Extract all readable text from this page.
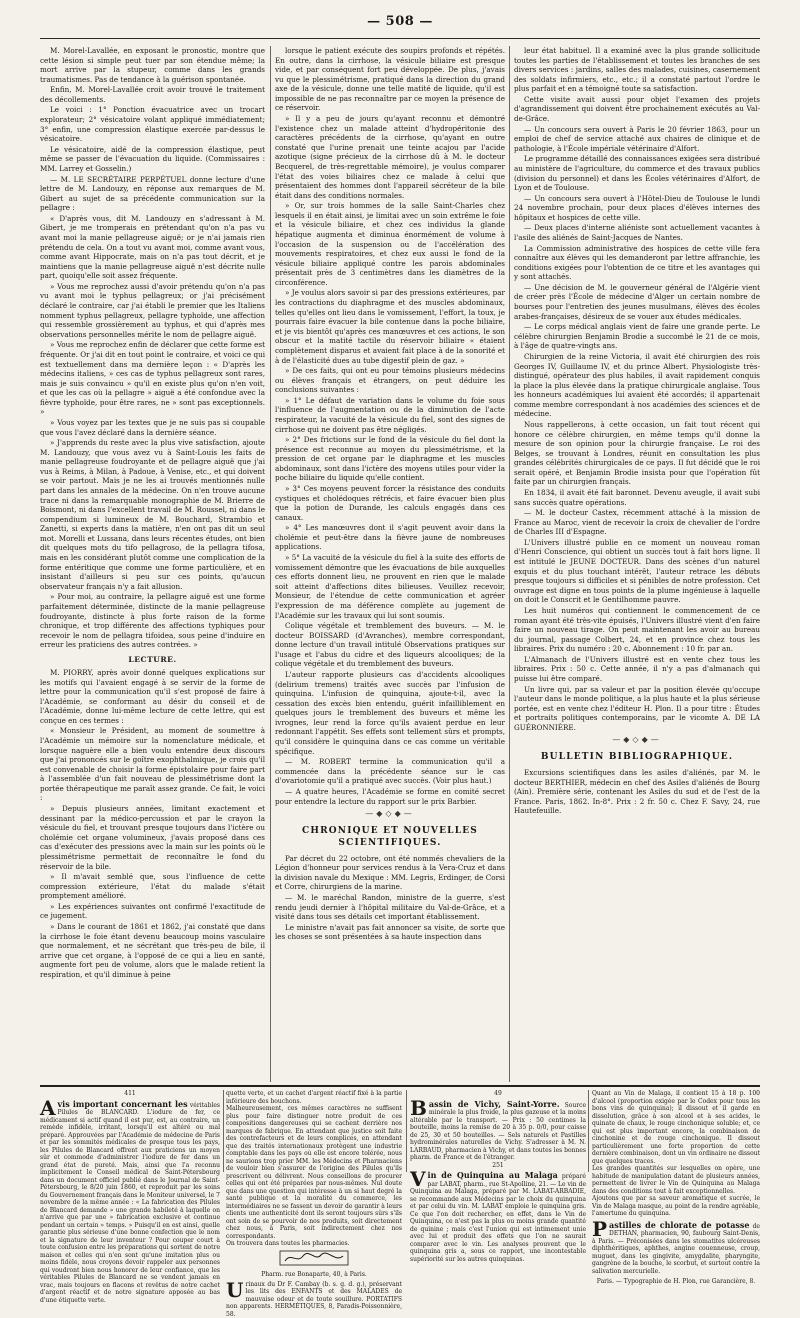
— 508 —

M. Morel-Lavallée, en exposant le pronostic, montre que cette lésion si simple peut tuer par son étendue même; la mort arrive par la stupeur, comme dans les grands traumatismes. Pas de tendance à la guérison spontanée.

Enfin, M. Morel-Lavallée croit avoir trouvé le traitement des décollements.

Le voici : 1° Ponction évacuatrice avec un trocart explorateur; 2° vésicatoire volant appliqué immédiatement; 3° enfin, une compression élastique exercée par-dessus le vésicatoire.

Le vésicatoire, aidé de la compression élastique, peut même se passer de l'évacuation du liquide. (Commissaires : MM. Larrey et Gosselin.)

— M. LE SECRÉTAIRE PERPÉTUEL donne lecture d'une lettre de M. Landouzy, en réponse aux remarques de M. Gibert au sujet de sa précédente communication sur la pellagre :

« D'après vous, dit M. Landouzy en s'adressant à M. Gibert, je me tromperais en prétendant qu'on n'a pas vu avant moi la manie pellagreuse aiguë; or je n'ai jamais rien prétendu de cela. On a tout vu avant moi, comme avant vous, comme avant Hippocrate, mais on n'a pas tout décrit, et je maintiens que la manie pellagreuse aiguë n'est décrite nulle part, quoiqu'elle soit assez fréquente.

» Vous me reprochez aussi d'avoir prétendu qu'on n'a pas vu avant moi le typhus pellagreux; or j'ai précisément déclaré le contraire, car j'ai établi le premier que les Italiens nomment typhus pellagreux, pellagre typhoïde, une affection qui ressemble grossièrement au typhus, et qui d'après mes observations personnelles mérite le nom de pellagre aiguë.

» Vous me reprochez enfin de déclarer que cette forme est fréquente. Or j'ai dit en tout point le contraire, et voici ce qui est textuellement dans ma dernière leçon : « D'après les médecins italiens, » ces cas de typhus pellagreux sont rares, mais je suis convaincu » qu'il en existe plus qu'on n'en voit, et que les cas où la pellagre » aiguë a été confondue avec la fièvre typhoïde, pour être rares, ne » sont pas exceptionnels. »

» Vous voyez par les textes que je ne suis pas si coupable que vous l'avez déclaré dans la dernière séance.

» J'apprends du reste avec la plus vive satisfaction, ajoute M. Landouzy, que vous avez vu à Saint-Louis les faits de manie pellagreuse foudroyante et de pellagre aiguë que j'ai vus à Reims, à Milan, à Padoue, à Venise, etc., et qui doivent se voir partout. Mais je ne les ai trouvés mentionnés nulle part dans les annales de la médecine. On n'en trouve aucune trace ni dans la remarquable monographie de M. Brierre de Boismont, ni dans l'excellent travail de M. Roussel, ni dans le compendium si lumineux de M. Bouchard, Strambio et Zanetti, si experts dans la matière, n'en ont pas dit un seul mot. Morelli et Lussana, dans leurs récentes études, ont bien dit quelques mots du tifo pellagroso, de la pellagra tifosa, mais en les considérant plutôt comme une complication de la forme entéritique que comme une forme particulière, et en insistant d'ailleurs si peu sur ces points, qu'aucun observateur français n'y a fait allusion.

» Pour moi, au contraire, la pellagre aiguë est une forme parfaitement déterminée, distincte de la manie pellagreuse foudroyante, distincte à plus forte raison de la forme chronique, et trop différente des affections typhiques pour recevoir le nom de pellagra tifoidea, sous peine d'induire en erreur les praticiens des autres contrées. »

LECTURE.

M. PIORRY, après avoir donné quelques explications sur les motifs qui l'avaient engagé à se servir de la forme de lettre pour la communication qu'il s'est proposé de faire à l'Académie, se conformant au désir du conseil et de l'Académie, donne lui-même lecture de cette lettre, qui est conçue en ces termes :

« Monsieur le Président, au moment de soumettre à l'Académie un mémoire sur la nomenclature médicale, et lorsque naguère elle a bien voulu entendre deux discours que j'ai prononcés sur le goître exophthalmique, je crois qu'il est convenable de choisir la forme épistolaire pour faire part à l'assemblée d'un fait nouveau de plessimétrisme dont la portée thérapeutique me paraît assez grande. Ce fait, le voici :

» Depuis plusieurs années, limitant exactement et dessinant par la médico-percussion et par le crayon la vésicule du fiel, et trouvant presque toujours dans l'ictère ou cholémie cet organe volumineux, j'avais proposé dans ces cas d'exécuter des pressions avec la main sur les points où le plessimétrisme permettait de reconnaître le fond du réservoir de la bile.

» Il m'avait semblé que, sous l'influence de cette compression extérieure, l'état du malade s'était promptement amélioré.

» Les expériences suivantes ont confirmé l'exactitude de ce jugement.

» Dans le courant de 1861 et 1862, j'ai constaté que dans la cirrhose le foie étant devenu beaucoup moins vasculaire que normalement, et ne sécrétant que très-peu de bile, il arrive que cet organe, à l'opposé de ce qui a lieu en santé, augmente fort peu de volume, alors que le malade retient la respiration, et qu'il diminue à peine

lorsque le patient exécute des soupirs profonds et répétés. En outre, dans la cirrhose, la vésicule biliaire est presque vide, et par conséquent fort peu développée. De plus, j'avais vu que le plessimétrisme, pratiqué dans la direction du grand axe de la vésicule, donne une telle matité de liquide, qu'il est impossible de ne pas reconnaître par ce moyen la présence de ce réservoir.

» Il y a peu de jours qu'ayant reconnu et démontré l'existence chez un malade atteint d'hydropéritonie des caractères précédents de la cirrhose, qu'ayant en outre constaté que l'urine prenait une teinte acajou par l'acide azotique (signe précieux de la cirrhose dû à M. le docteur Becquerel, de très-regrettable mémoire), je voulus comparer l'état des voies biliaires chez ce malade à celui que présentaient des hommes dont l'appareil sécréteur de la bile était dans des conditions normales.

» Or, sur trois hommes de la salle Saint-Charles chez lesquels il en était ainsi, je limitai avec un soin extrême le foie et la vésicule biliaire, et chez ces individus la glande hépatique augmenta et diminua énormément de volume à l'occasion de la suspension ou de l'accélération des mouvements respiratoires, et chez eux aussi le fond de la vésicule biliaire appliqué contre les parois abdominales présentait près de 3 centimètres dans les diamètres de la circonférence.

» Je voulus alors savoir si par des pressions extérieures, par les contractions du diaphragme et des muscles abdominaux, telles qu'elles ont lieu dans le vomissement, l'effort, la toux, je pourrais faire évacuer la bile contenue dans la poche biliaire, et je vis bientôt qu'après ces manœuvres et ces actions, le son obscur et la matité tactile du réservoir biliaire « étaient complètement disparus et avaient fait place à de la sonorité et à de l'élasticité dues au tube digestif plein de gaz. »

» De ces faits, qui ont eu pour témoins plusieurs médecins ou élèves français et étrangers, on peut déduire les conclusions suivantes :

» 1° Le défaut de variation dans le volume du foie sous l'influence de l'augmentation ou de la diminution de l'acte respirateur, la vacuité de la vésicule du fiel, sont des signes de cirrhose qui ne doivent pas être négligés.

» 2° Des frictions sur le fond de la vésicule du fiel dont la présence est reconnue au moyen du plessimétrisme, et la pression de cet organe par le diaphragme et les muscles abdominaux, sont dans l'ictère des moyens utiles pour vider la poche biliaire du liquide qu'elle contient.

» 3° Ces moyens peuvent forcer la résistance des conduits cystiques et cholédoques rétrécis, et faire évacuer bien plus que la potion de Durande, les calculs engagés dans ces canaux.

» 4° Les manœuvres dont il s'agit peuvent avoir dans la cholémie et peut-être dans la fièvre jaune de nombreuses applications.

» 5° La vacuité de la vésicule du fiel à la suite des efforts de vomissement démontre que les évacuations de bile auxquelles ces efforts donnent lieu, ne prouvent en rien que le malade soit atteint d'affections dites bilieuses. Veuillez recevoir, Monsieur, de l'étendue de cette communication et agréer l'expression de ma déférence complète au jugement de l'Académie sur les travaux qui lui sont soumis.

Colique végétale et tremblement des buveurs. — M. le docteur BOISSARD (d'Avranches), membre correspondant, donne lecture d'un travail intitulé Observations pratiques sur l'usage et l'abus du cidre et des liqueurs alcooliques; de la colique végétale et du tremblement des buveurs.

L'auteur rapporte plusieurs cas d'accidents alcooliques (delirium tremens) traités avec succès par l'infusion de quinquina. L'infusion de quinquina, ajoute-t-il, avec la cessation des excès bien entendu, guérit infailliblement en quelques jours le tremblement des buveurs et même les ivrognes, leur rend la force qu'ils avaient perdue en leur redonnant l'appétit. Ses effets sont tellement sûrs et prompts, qu'il considère le quinquina dans ce cas comme un véritable spécifique.

— M. ROBERT termine la communication qu'il a commencée dans la précédente séance sur le cas d'ovariotomie qu'il a pratiqué avec succès. (Voir plus haut.)

— A quatre heures, l'Académie se forme en comité secret pour entendre la lecture du rapport sur le prix Barbier.

—◆◇◆—
CHRONIQUE ET NOUVELLES SCIENTIFIQUES.

Par décret du 22 octobre, ont été nommés chevaliers de la Légion d'honneur pour services rendus à la Vera-Cruz et dans la division navale du Mexique : MM. Legris, Erdinger, de Corsi et Corre, chirurgiens de la marine.

— M. le maréchal Randon, ministre de la guerre, s'est rendu jeudi dernier à l'hôpital militaire du Val-de-Grâce, et a visité dans tous ses détails cet important établissement.

Le ministre n'avait pas fait annoncer sa visite, de sorte que les choses se sont présentées à sa haute inspection dans

leur état habituel. Il a examiné avec la plus grande sollicitude toutes les parties de l'établissement et toutes les branches de ses divers services : jardins, salles des malades, cuisines, casernement des soldats infirmiers, etc., etc.; il a constaté partout l'ordre le plus parfait et en a témoigné toute sa satisfaction.

Cette visite avait aussi pour objet l'examen des projets d'agrandissement qui doivent être prochainement exécutés au Val-de-Grâce.

— Un concours sera ouvert à Paris le 20 février 1863, pour un emploi de chef de service attaché aux chaires de clinique et de pathologie, à l'École impériale vétérinaire d'Alfort.

Le programme détaillé des connaissances exigées sera distribué au ministère de l'agriculture, du commerce et des travaux publics (division du personnel) et dans les Écoles vétérinaires d'Alfort, de Lyon et de Toulouse.

— Un concours sera ouvert à l'Hôtel-Dieu de Toulouse le lundi 24 novembre prochain, pour deux places d'élèves internes des hôpitaux et hospices de cette ville.

— Deux places d'interne aliéniste sont actuellement vacantes à l'asile des aliénés de Saint-Jacques de Nantes.

La Commission administrative des hospices de cette ville fera connaître aux élèves qui les demanderont par lettre affranchie, les conditions exigées pour l'obtention de ce titre et les avantages qui y sont attachés.

— Une décision de M. le gouverneur général de l'Algérie vient de créer près l'École de médecine d'Alger un certain nombre de bourses pour l'entretien des jeunes musulmans, élèves des écoles arabes-françaises, désireux de se vouer aux études médicales.

— Le corps médical anglais vient de faire une grande perte. Le célèbre chirurgien Benjamin Brodie a succombé le 21 de ce mois, à l'âge de quatre-vingts ans.

Chirurgien de la reine Victoria, il avait été chirurgien des rois Georges IV, Guillaume IV, et du prince Albert. Physiologiste très-distingué, opérateur des plus habiles, il avait rapidement conquis la place la plus élevée dans la pratique chirurgicale anglaise. Tous les honneurs académiques lui avaient été accordés; il appartenait comme membre correspondant à nos académies des sciences et de médecine.

Nous rappellerons, à cette occasion, un fait tout récent qui honore ce célèbre chirurgien, en même temps qu'il donne la mesure de son opinion pour la chirurgie française. Le roi des Belges, se trouvant à Londres, réunit en consultation les plus grandes célébrités chirurgicales de ce pays. Il fut décidé que le roi serait opéré, et Benjamin Brodie insista pour que l'opération fût faite par un chirurgien français.

En 1834, il avait été fait baronnet. Devenu aveugle, il avait subi sans succès quatre opérations.

— M. le docteur Castex, récemment attaché à la mission de France au Maroc, vient de recevoir la croix de chevalier de l'ordre de Charles III d'Espagne.

L'Univers illustré publie en ce moment un nouveau roman d'Henri Conscience, qui obtient un succès tout à fait hors ligne. Il est intitulé le JEUNE DOCTEUR. Dans des scènes d'un naturel exquis et du plus touchant intérêt, l'auteur retrace les débuts presque toujours si difficiles et si pénibles de notre profession. Cet ouvrage est digne en tous points de la plume ingénieuse à laquelle on doit le Conscrit et le Gentilhomme pauvre.

Les huit numéros qui contiennent le commencement de ce roman ayant été très-vite épuisés, l'Univers illustré vient d'en faire faire un nouveau tirage. On peut maintenant les avoir au bureau du journal, passage Colbert, 24, et en province chez tous les libraires. Prix du numéro : 20 c. Abonnement : 10 fr. par an.

L'Almanach de l'Univers illustré est en vente chez tous les libraires. Prix : 50 c. Cette année, il n'y a pas d'almanach qui puisse lui être comparé.

Un livre qui, par sa valeur et par la position élevée qu'occupe l'auteur dans le monde politique, a la plus haute et la plus sérieuse portée, est en vente chez l'éditeur H. Plon. Il a pour titre : Études et portraits politiques contemporains, par le vicomte A. DE LA GUÉRONNIÈRE.

—◆◇◆—
BULLETIN BIBLIOGRAPHIQUE.

Excursions scientifiques dans les asiles d'aliénés, par M. le docteur BERTHIER, médecin en chef des Asiles d'aliénés de Bourg (Ain). Première série, contenant les Asiles du sud et de l'est de la France. Paris, 1862. In-8°. Prix : 2 fr. 50 c. Chez F. Savy, 24, rue Hautefeuille.

411

A vis important concernant les véritables Pilules de BLANCARD. L'iodure de fer, ce médicament si actif quand il est pur, est, au contraire, un remède infidèle, irritant, lorsqu'il est altéré ou mal préparé. Approuvées par l'Académie de médecine de Paris et par les sommités médicales de presque tous les pays, les Pilules de Blancard offrent aux praticiens un moyen sûr et commode d'administrer l'iodure de fer dans un grand état de pureté. Mais, ainsi que l'a reconnu implicitement le Conseil médical de Saint-Pétersbourg dans un document officiel publié dans le Journal de Saint-Pétersbourg, le 8/20 juin 1860, et reproduit par les soins du Gouvernement français dans le Moniteur universel, le 7 novembre de la même année : « La fabrication des Pilules de Blancard demande » une grande habileté à laquelle on n'arrive que par une » fabrication exclusive et continue pendant un certain » temps. » Puisqu'il en est ainsi, quelle garantie plus sérieuse d'une bonne confection que le nom et la signature de leur inventeur ? Pour couper court à toute confusion entre les préparations qui sortent de notre maison et celles qui n'en sont qu'une imitation plus ou moins fidèle, nous croyons devoir rappeler aux personnes qui voudront bien nous honorer de leur confiance, que les véritables Pilules de Blancard ne se vendent jamais en vrac, mais toujours en flacons et revêtus de notre cachet d'argent réactif et de notre signature apposée au bas d'une étiquette verte.

quette verte, et un cachet d'argent réactif fixé à la partie inférieure des bouchons.

Malheureusement, ces mêmes caractères ne suffisent plus pour faire distinguer notre produit de ces compositions dangereuses qui se cachent derrière nos marques de fabrique. En attendant que justice soit faite des contrefacteurs et de leurs complices, en attendant que des traités internationaux protègent une industrie comptable dans les pays où elle est encore tolérée, nous ne saurions trop prier MM. les Médecins et Pharmaciens de vouloir bien s'assurer de l'origine des Pilules qu'ils prescrivent ou délivrent. Nous conseillons de procurer celles qui ont été préparées par nous-mêmes. Nul doute que dans une question qui intéresse à un si haut degré la santé publique et la moralité du commerce, les intermédiaires ne se fassent un devoir de garantir à leurs clients une authenticité dont ils seront toujours sûrs s'ils ont soin de se pourvoir de nos produits, soit directement chez nous, à Paris, soit indirectement chez nos correspondants.

On trouvera dans toutes les pharmacies.

Pharm. rue Bonaparte, 40, à Paris.

U rinaux du Dr F. Cambay (b. s. g. d. g.), préservant les lits des ENFANTS et des MALADES de mauvaise odeur et de toute souillure. PORTATIFS non apparents. HERMÉTIQUES, 8, Paradis-Poissonnière, 58.

49

B assin de Vichy, Saint-Yorre. Source minérale la plus froide, la plus gazeuse et la moins altérable par le transport. — Prix : 50 centimes la bouteille, moins la remise de 20 à 35 p. 0/0, pour caisse de 25, 30 et 50 bouteilles. — Sels naturels et Pastilles hydrominérales naturelles de Vichy. S'adresser à M. N. LARBAUD, pharmacien à Vichy, et dans toutes les bonnes pharm. de France et de l'étranger.

251

V in de Quinquina au Malaga préparé par LABAT, pharm., rue St-Apolline, 21. — Le vin de Quinquina au Malaga, préparé par M. LABAT-ARBADIE, se recommande aux Médecins par le choix du quinquina et par celui du vin. M. LABAT emploie le quinquina gris. Ce que l'on doit rechercher, en effet, dans le Vin de Quinquina, ce n'est pas la plus ou moins grande quantité de quinine ; mais c'est l'union qui est intimement unie avec lui et produit des effets que l'on ne saurait comparer avec le vin. Les analyses prouvent que le quinquina gris a, sous ce rapport, une incontestable supériorité sur les autres quinquinas.

Quant au Vin de Malaga, il contient 15 à 18 p. 100 d'alcool (proportion exigée par le Codex pour tous les bons vins de quinquina); il dissout et il garde en dissolution, grâce à son alcool et à ses acides, le quinate de chaux, le rouge cinchonique soluble; et, ce qui est plus important encore, la combinaison de cinchonine et de rouge cinchonique. Il dissout particulièrement une forte proportion de cette dernière combinaison, dont un vin ordinaire ne dissout que quelques traces.

Les grandes quantités sur lesquelles on opère, une habitude de manipulation datant de plusieurs années, permettent de livrer le Vin de Quinquina au Malaga dans des conditions tout à fait exceptionnelles.

Ajoutons que par sa saveur aromatique et sucrée, le Vin de Malaga masque, au point de la rendre agréable, l'amertume du quinquina.

P astilles de chlorate de potasse de DETHAN, pharmacien, 90, faubourg Saint-Denis, à Paris. — Préconisées dans les stomatites ulcéreuses diphthéritiques, aphthes, angine couenneuse, croup, muguet, dans les gingivite, amygdalite, pharyngite, gangrène de la bouche, le scorbut, et surtout contre la salivation mercurielle.

Paris. — Typographie de H. Plon, rue Garancière, 8.
